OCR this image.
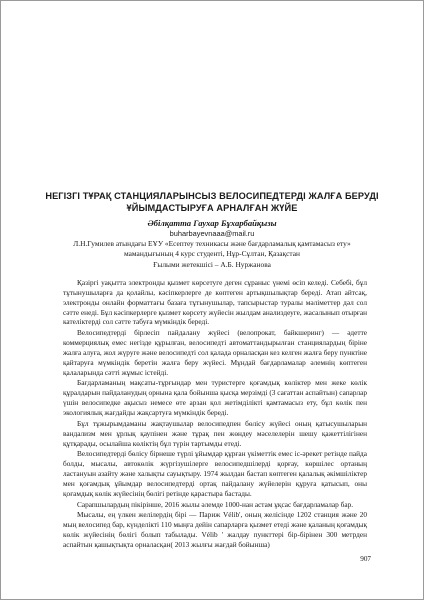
НЕГІЗГІ ТҰРАҚ СТАНЦИЯЛАРЫНСЫЗ ВЕЛОСИПЕДТЕРДІ ЖАЛҒА БЕРУДІ ҰЙЫМДАСТЫРУҒА АРНАЛҒАН ЖҮЙЕ
Әбілқатта Гаухар Бұхарбайқызы
buharbayevnaaa@mail.ru
Л.Н.Гумилев атындағы ЕҰУ «Есептеу техникасы және бағдарламалық қамтамасыз ету»
мамандығының 4 курс студенті, Нұр-Сұлтан, Қазақстан
Ғылыми жетекшісі – А.Б. Нуржанова

Қазіргі уақытта электронды қызмет көрсетуге деген сұраныс үнемі өсіп келеді. Себебі, бұл тұтынушыларға да қолайлы, кәсіпкерлерге де көптеген артықшылықтар береді. Атап айтсақ, электронды онлайн форматтағы базаға тұтынушылар, тапсырыстар туралы мәліметтер дәл сол сәтте енеді. Бұл кәсіпкерлерге қызмет көрсету жүйесін жылдам анализдеуге, жасалынып отырған кателіктерді сол сәтте табуға мүмкіндік береді.

Велосипедтерді бірлесіп пайдалану жүйесі (велопрокат, байкшеринг) — әдетте коммерциялық емес негізде құрылған, велосипедті автоматтандырылған станциялардың біріне жалға алуға, жол жүруге және велосипедті сол қалада орналасқан кез келген жалға беру пунктіне қайтаруға мүмкіндік беретін жалға беру жүйесі. Мұндай бағдарламалар әлемнің көптеген қалаларында сәтті жұмыс істейді.

Бағдарламаның мақсаты-тұрғындар мен туристерге қоғамдық көліктер мен жеке көлік құралдарын пайдаланудың орнына қала бойынша қысқа мерзімді (3 сағаттан аспайтын) сапарлар үшін велосипедке ақысыз немесе өте арзан қол жетімділікті қамтамасыз ету, бұл көлік пен экологиялық жағдайды жақсартуға мүмкіндік береді.

Бұл тұжырымдаманы жақтаушылар велосипедпен бөлісу жүйесі оның қатысушыларын вандализм мен ұрлық қаупінен және тұрақ пен жөндеу мәселелерін шешу қажеттілігінен құтқарады, осылайша көліктің бұл түрін тартымды етеді.

Велосипедтерді бөлісу бірнеше түрлі ұйымдар құрған үкіметтік емес іс-әрекет ретінде пайда болды, мысалы, автокөлік жүргізушілерге велосипедшілерді қорғау, көршілес ортаның ластануын азайту және халықты сауықтыру. 1974 жылдан бастап көптеген қалалық әкімшіліктер мен қоғамдық ұйымдар велосипедтерді ортақ пайдалану жүйелерін құруға қатысып, оны қоғамдық көлік жүйесінің бөлігі ретінде қарастыра бастады.

Сарапшылардың пікірінше, 2016 жылы әлемде 1000-нан астам ұқсас бағдарламалар бар.

Мысалы, ең үлкен желілердің бірі — Париж Vélib', оның желісінде 1202 станция және 20 мың велосипед бар, күнделікті 110 мыңға дейін сапарларға қызмет етеді және қаланың қоғамдық көлік жүйесінің бөлігі болып табылады. Vélib ' жалдау пункттері бір-бірінен 300 метрден аспайтын қашықтықта орналасқан( 2013 жылғы жағдай бойынша)

907
